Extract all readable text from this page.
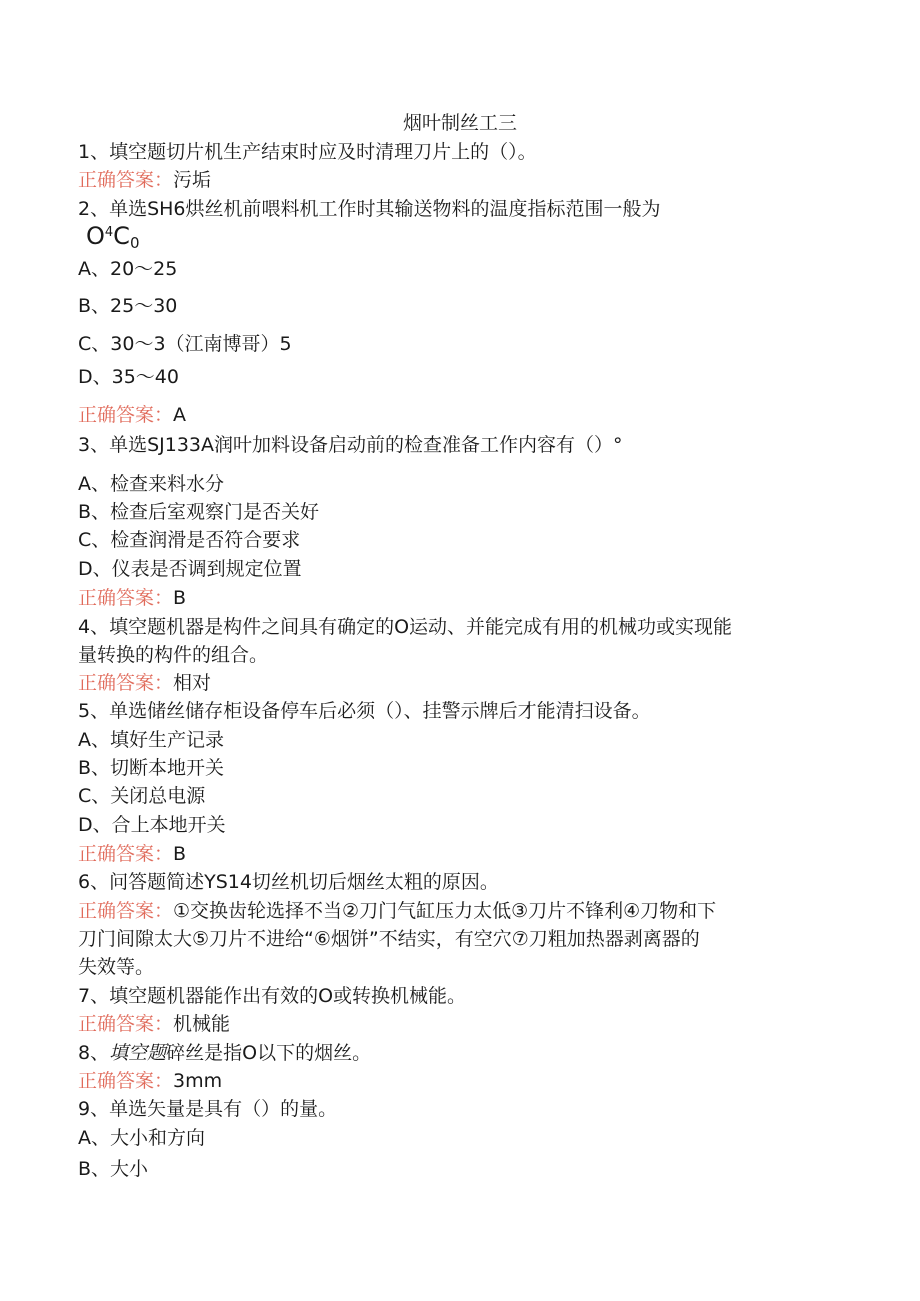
烟叶制丝工三
1、填空题切片机生产结束时应及时清理刀片上的（）。
正确答案：污垢
2、单选SH6烘丝机前喂料机工作时其输送物料的温度指标范围一般为
$O^4C_0$
A、20～25
B、25～30
C、30～3（江南博哥）5
D、35～40
正确答案：A
3、单选SJ133A润叶加料设备启动前的检查准备工作内容有（）°
A、检查来料水分
B、检查后室观察门是否关好
C、检查润滑是否符合要求
D、仪表是否调到规定位置
正确答案：B
4、填空题机器是构件之间具有确定的O运动、并能完成有用的机械功或实现能
量转换的构件的组合。
正确答案：相对
5、单选储丝储存柜设备停车后必须（）、挂警示牌后才能清扫设备。
A、填好生产记录
B、切断本地开关
C、关闭总电源
D、合上本地开关
正确答案：B
6、问答题简述YS14切丝机切后烟丝太粗的原因。
正确答案：①交换齿轮选择不当②刀门气缸压力太低③刀片不锋利④刀物和下
刀门间隙太大⑤刀片不进给“⑥烟饼”不结实，有空穴⑦刀粗加热器剥离器的
失效等。
7、填空题机器能作出有效的O或转换机械能。
正确答案：机械能
8、填空题碎丝是指O以下的烟丝。
正确答案：3mm
9、单选矢量是具有（）的量。
A、大小和方向
B、大小
